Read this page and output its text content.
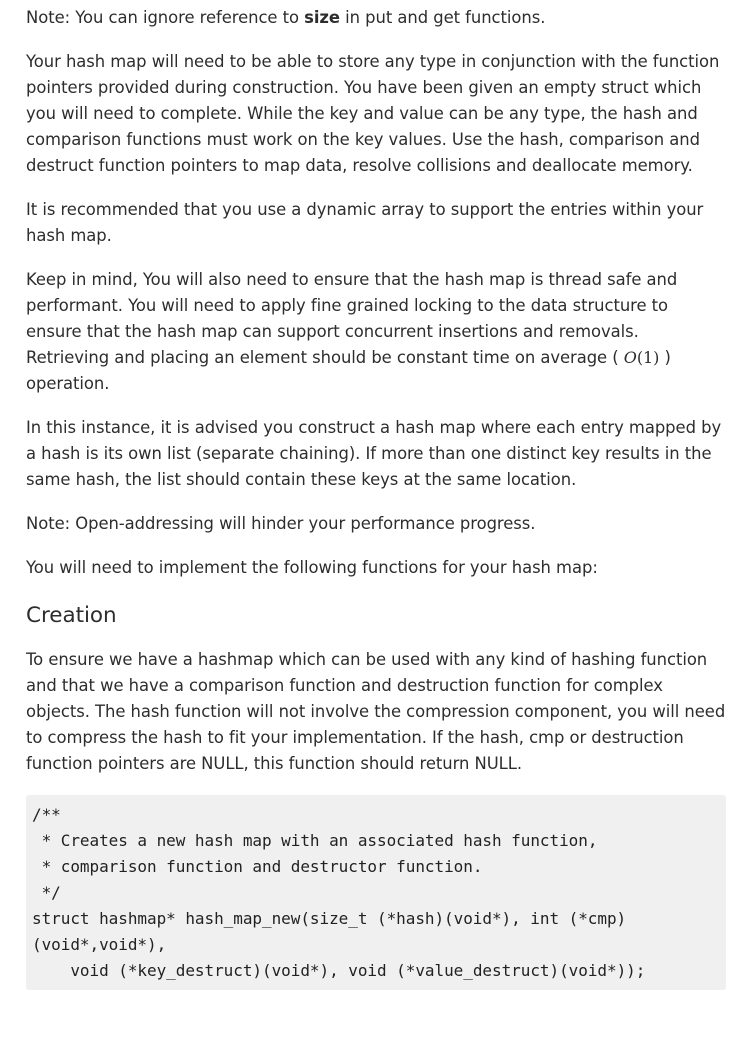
Note: You can ignore reference to size in put and get functions.

Your hash map will need to be able to store any type in conjunction with the function pointers provided during construction. You have been given an empty struct which you will need to complete. While the key and value can be any type, the hash and comparison functions must work on the key values. Use the hash, comparison and destruct function pointers to map data, resolve collisions and deallocate memory.

It is recommended that you use a dynamic array to support the entries within your hash map.

Keep in mind, You will also need to ensure that the hash map is thread safe and performant. You will need to apply fine grained locking to the data structure to ensure that the hash map can support concurrent insertions and removals. Retrieving and placing an element should be constant time on average ( O(1) ) operation.

In this instance, it is advised you construct a hash map where each entry mapped by a hash is its own list (separate chaining). If more than one distinct key results in the same hash, the list should contain these keys at the same location.

Note: Open-addressing will hinder your performance progress.

You will need to implement the following functions for your hash map:

Creation

To ensure we have a hashmap which can be used with any kind of hashing function and that we have a comparison function and destruction function for complex objects. The hash function will not involve the compression component, you will need to compress the hash to fit your implementation. If the hash, cmp or destruction function pointers are NULL, this function should return NULL.

/**
* Creates a new hash map with an associated hash function,
* comparison function and destructor function.
*/
struct hashmap* hash_map_new(size_t (*hash)(void*), int (*cmp)(void*,void*),
void (*key_destruct)(void*), void (*value_destruct)(void*));
